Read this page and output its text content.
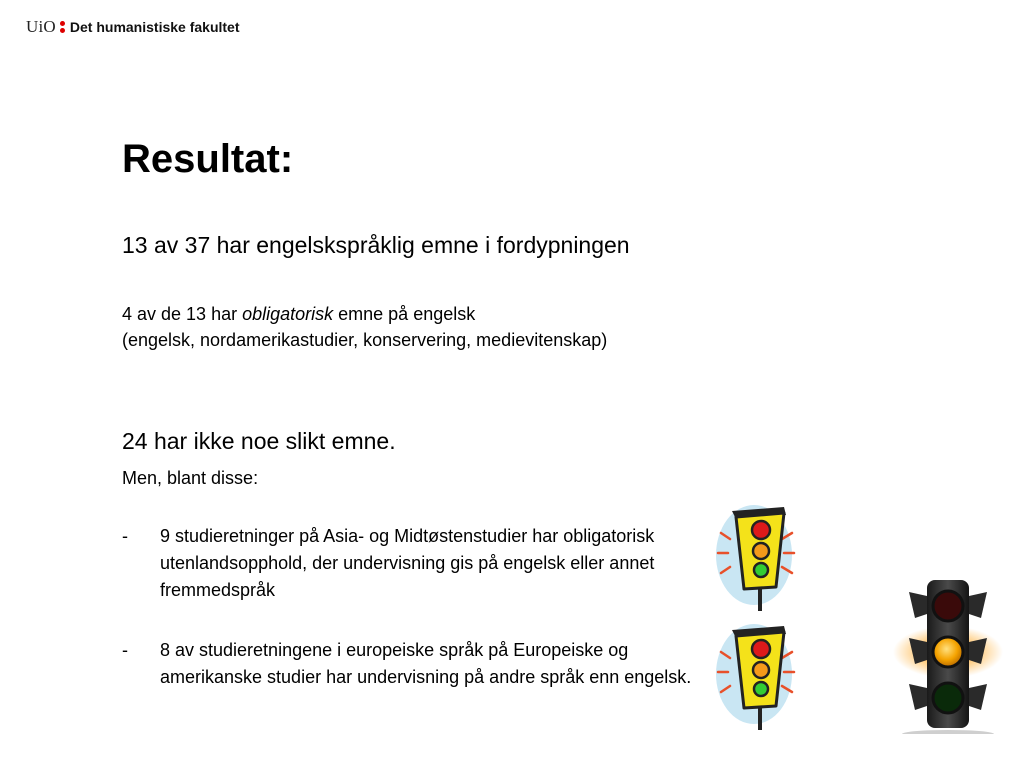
UiO Det humanistiske fakultet
Resultat:
13 av 37 har engelskspråklig emne i fordypningen
4 av de 13 har obligatorisk emne på engelsk
(engelsk, nordamerikastudier, konservering, medievitenskap)
24 har ikke noe slikt emne.
Men, blant disse:
-	9 studieretninger på Asia- og Midtøstenstudier har obligatorisk utenlandsopphold, der undervisning gis på engelsk eller annet fremmedspråk
-	8 av studieretningene i europeiske språk på Europeiske og amerikanske studier har undervisning på andre språk enn engelsk.
